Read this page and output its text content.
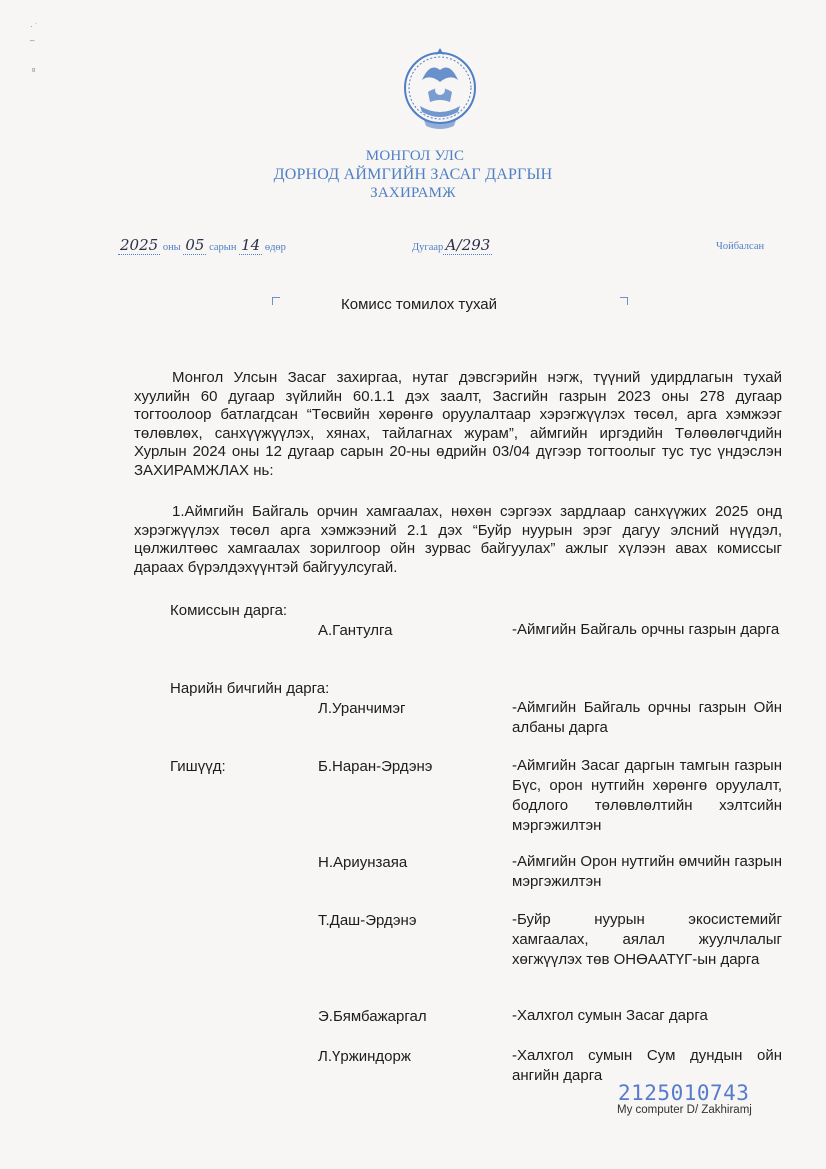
· ˙
–
ᵍ
МОНГОЛ УЛС
ДОРНОД АЙМГИЙН ЗАСАГ ДАРГЫН
ЗАХИРАМЖ
2025 оны 05 сарын 14 өдөр	Дугаар А/293	Чойбалсан
Комисс томилох тухай
Монгол Улсын Засаг захиргаа, нутаг дэвсгэрийн нэгж, түүний удирдлагын тухай хуулийн 60 дугаар зүйлийн 60.1.1 дэх заалт, Засгийн газрын 2023 оны 278 дугаар тогтоолоор батлагдсан “Төсвийн хөрөнгө оруулалтаар хэрэгжүүлэх төсөл, арга хэмжээг төлөвлөх, санхүүжүүлэх, хянах, тайлагнах журам”, аймгийн иргэдийн Төлөөлөгчдийн Хурлын 2024 оны 12 дугаар сарын 20-ны өдрийн 03/04 дүгээр тогтоолыг тус тус үндэслэн ЗАХИРАМЖЛАХ нь:
1.Аймгийн Байгаль орчин хамгаалах, нөхөн сэргээх зардлаар санхүүжих 2025 онд хэрэгжүүлэх төсөл арга хэмжээний 2.1 дэх “Буйр нуурын эрэг дагуу элсний нүүдэл, цөлжилтөөс хамгаалах зорилгоор ойн зурвас байгуулах” ажлыг хүлээн авах комиссыг дараах бүрэлдэхүүнтэй байгуулсугай.
Комиссын дарга:
А.Гантулга	-Аймгийн Байгаль орчны газрын дарга
Нарийн бичгийн дарга:
Л.Уранчимэг	-Аймгийн Байгаль орчны газрын Ойн албаны дарга
Гишүүд:	Б.Наран-Эрдэнэ	-Аймгийн Засаг даргын тамгын газрын Бүс, орон нутгийн хөрөнгө оруулалт, бодлого төлөвлөлтийн хэлтсийн мэргэжилтэн
Н.Ариунзаяа	-Аймгийн Орон нутгийн өмчийн газрын мэргэжилтэн
Т.Даш-Эрдэнэ	-Буйр нуурын экосистемийг хамгаалах, аялал жуулчлалыг хөгжүүлэх төв ОНӨААТҮГ-ын дарга
Э.Бямбажаргал	-Халхгол сумын Засаг дарга
Л.Үржиндорж	-Халхгол сумын Сум дундын ойн ангийн дарга
2125010743
My computer D/ Zakhiramj
